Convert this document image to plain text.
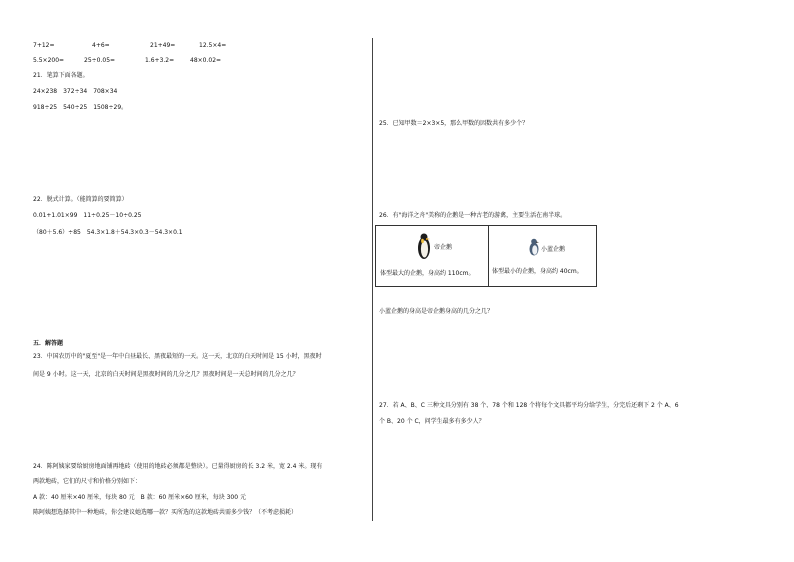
7+12=	4+6=	21+49=	12.5×4=
5.5×200=	25÷0.05=	1.6+3.2=	48×0.02=
21．笔算下面各题。
24×238　372÷34　708×34
918÷25　540÷25　1508÷29。
22．脱式计算。（能简算的要简算）
0.01+1.01×99　11÷0.25－10÷0.25
（80＋5.6）÷85　54.3×1.8＋54.3×0.3－54.3×0.1
五．解答题
23．中国农历中的"夏至"是一年中白昼最长、黑夜最短的一天。这一天，北京的白天时间是 15 小时，黑夜时
间是 9 小时。这一天，北京的白天时间是黑夜时间的几分之几？黑夜时间是一天总时间的几分之几？
24．陈阿姨家要给厨房地面铺再地砖（使用的地砖必须都是整块）。已量得厨房的长 3.2 米，宽 2.4 米。现有
两款地砖，它们的尺寸和价格分别如下：
A 款：40 厘米×40 厘米，每块 80 元　B 款：60 厘米×60 厘米，每块 300 元
陈阿姨想选择其中一种地砖，你会建议她选哪一款？买所选的这款地砖共需多少钱？（不考虑损耗）
25．已知甲数＝2×3×5，那么甲数的因数共有多少个？
26．有"海洋之舟"美称的企鹅是一种古老的游禽，主要生活在南半球。
帝企鹅
体型最大的企鹅，身高约 110cm。
小蓝企鹅
体型最小的企鹅，身高约 40cm。
小蓝企鹅的身高是帝企鹅身高的几分之几？
27．若 A、B、C 三种文具分别有 38 个、78 个和 128 个将每个文具都平均分给学生，分完后还剩下 2 个 A、6
个 B、20 个 C，问学生最多有多少人？
